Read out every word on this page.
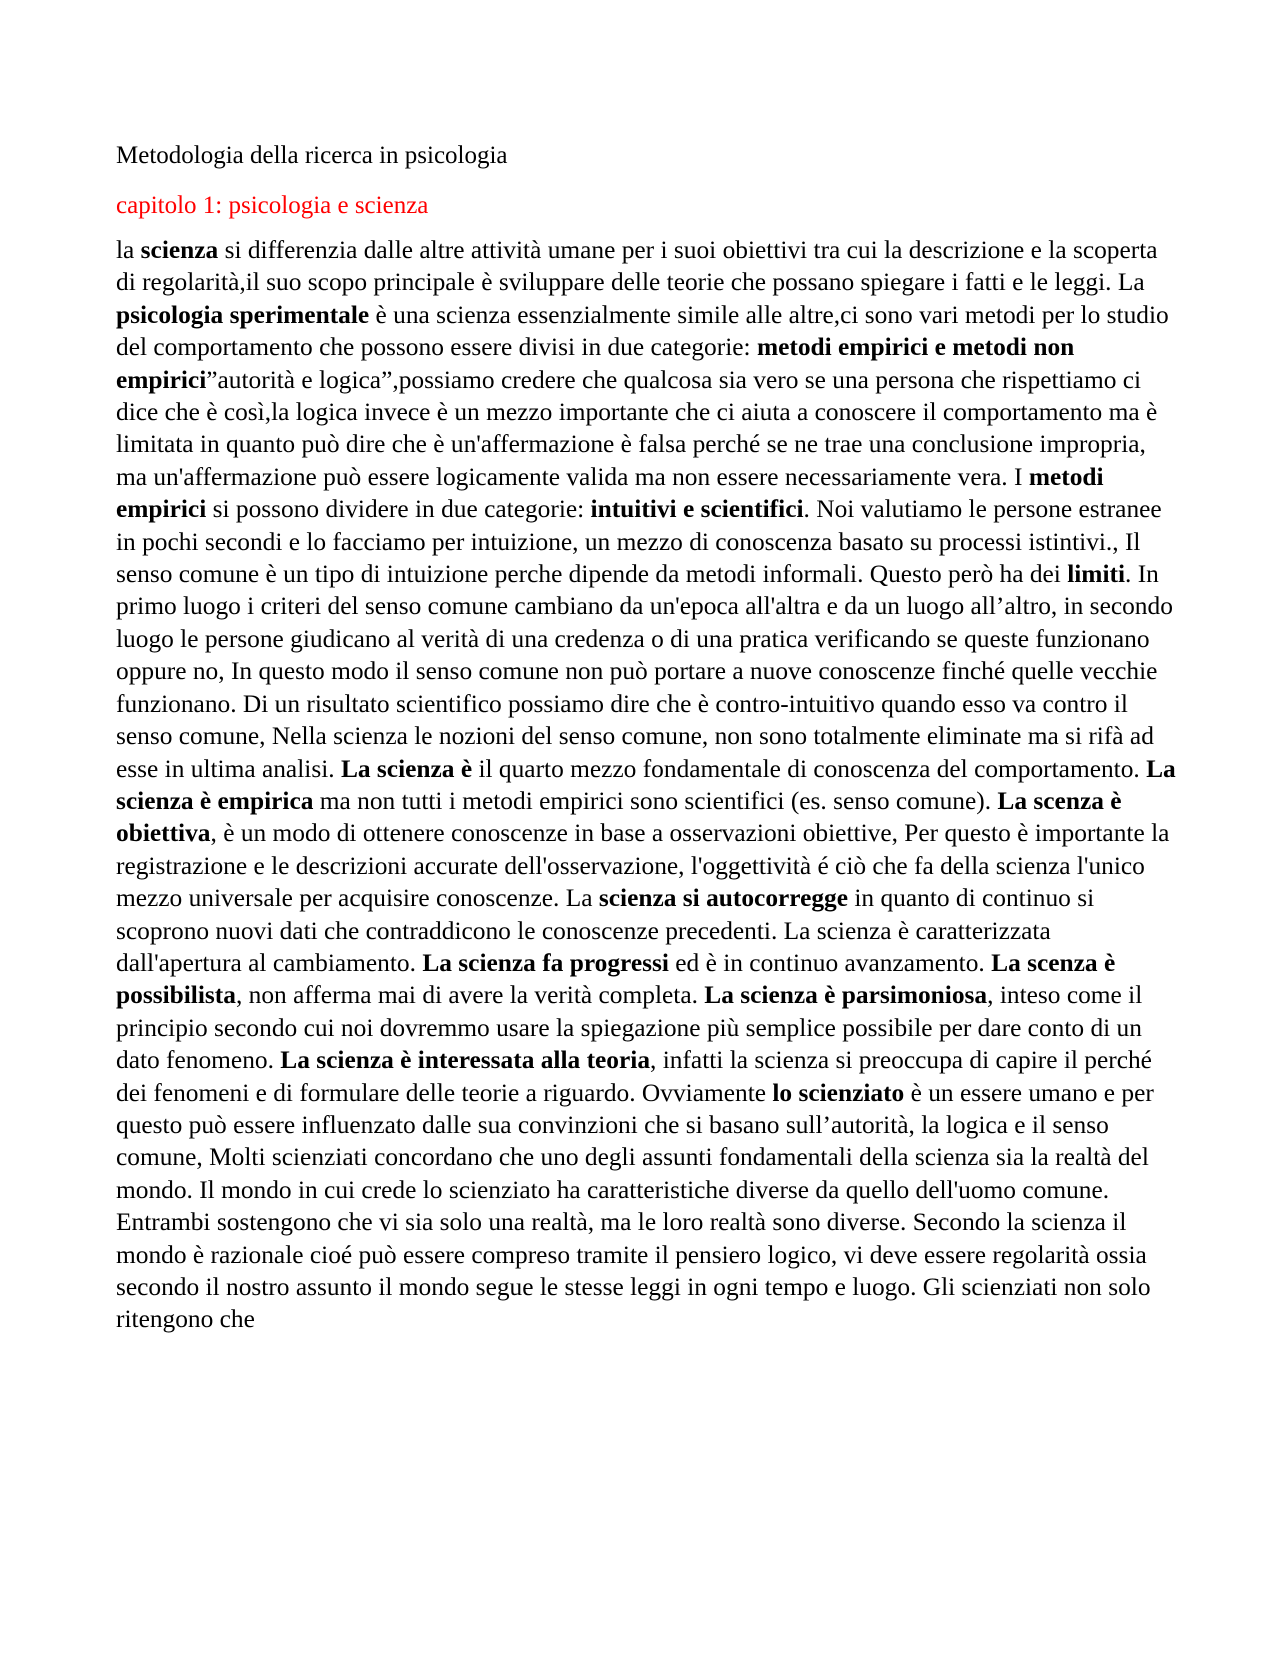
Metodologia della ricerca in psicologia

capitolo 1: psicologia e scienza

la scienza si differenzia dalle altre attività umane per i suoi obiettivi tra cui la descrizione e la scoperta di regolarità,il suo scopo principale è sviluppare delle teorie che possano spiegare i fatti e le leggi. La psicologia sperimentale è una scienza essenzialmente simile alle altre,ci sono vari metodi per lo studio del comportamento che possono essere divisi in due categorie: metodi empirici e metodi non empirici”autorità e logica”,possiamo credere che qualcosa sia vero se una persona che rispettiamo ci dice che è così,la logica invece è un mezzo importante che ci aiuta a conoscere il comportamento ma è limitata in quanto può dire che è un'affermazione è falsa perché se ne trae una conclusione impropria, ma un'affermazione può essere logicamente valida ma non essere necessariamente vera. I metodi empirici si possono dividere in due categorie: intuitivi e scientifici. Noi valutiamo le persone estranee in pochi secondi e lo facciamo per intuizione, un mezzo di conoscenza basato su processi istintivi., Il senso comune è un tipo di intuizione perche dipende da metodi informali. Questo però ha dei limiti. In primo luogo i criteri del senso comune cambiano da un'epoca all'altra e da un luogo all’altro, in secondo luogo le persone giudicano al verità di una credenza o di una pratica verificando se queste funzionano oppure no, In questo modo il senso comune non può portare a nuove conoscenze finché quelle vecchie funzionano. Di un risultato scientifico possiamo dire che è contro-intuitivo quando esso va contro il senso comune, Nella scienza le nozioni del senso comune, non sono totalmente eliminate ma si rifà ad esse in ultima analisi. La scienza è il quarto mezzo fondamentale di conoscenza del comportamento. La scienza è empirica ma non tutti i metodi empirici sono scientifici (es. senso comune). La scenza è obiettiva, è un modo di ottenere conoscenze in base a osservazioni obiettive, Per questo è importante la registrazione e le descrizioni accurate dell'osservazione, l'oggettività é ciò che fa della scienza l'unico mezzo universale per acquisire conoscenze. La scienza si autocorregge in quanto di continuo si scoprono nuovi dati che contraddicono le conoscenze precedenti. La scienza è caratterizzata dall'apertura al cambiamento. La scienza fa progressi ed è in continuo avanzamento. La scenza è possibilista, non afferma mai di avere la verità completa. La scienza è parsimoniosa, inteso come il principio secondo cui noi dovremmo usare la spiegazione più semplice possibile per dare conto di un dato fenomeno. La scienza è interessata alla teoria, infatti la scienza si preoccupa di capire il perché dei fenomeni e di formulare delle teorie a riguardo. Ovviamente lo scienziato è un essere umano e per questo può essere influenzato dalle sua convinzioni che si basano sull’autorità, la logica e il senso comune, Molti scienziati concordano che uno degli assunti fondamentali della scienza sia la realtà del mondo. Il mondo in cui crede lo scienziato ha caratteristiche diverse da quello dell'uomo comune. Entrambi sostengono che vi sia solo una realtà, ma le loro realtà sono diverse. Secondo la scienza il mondo è razionale cioé può essere compreso tramite il pensiero logico, vi deve essere regolarità ossia secondo il nostro assunto il mondo segue le stesse leggi in ogni tempo e luogo. Gli scienziati non solo ritengono che
